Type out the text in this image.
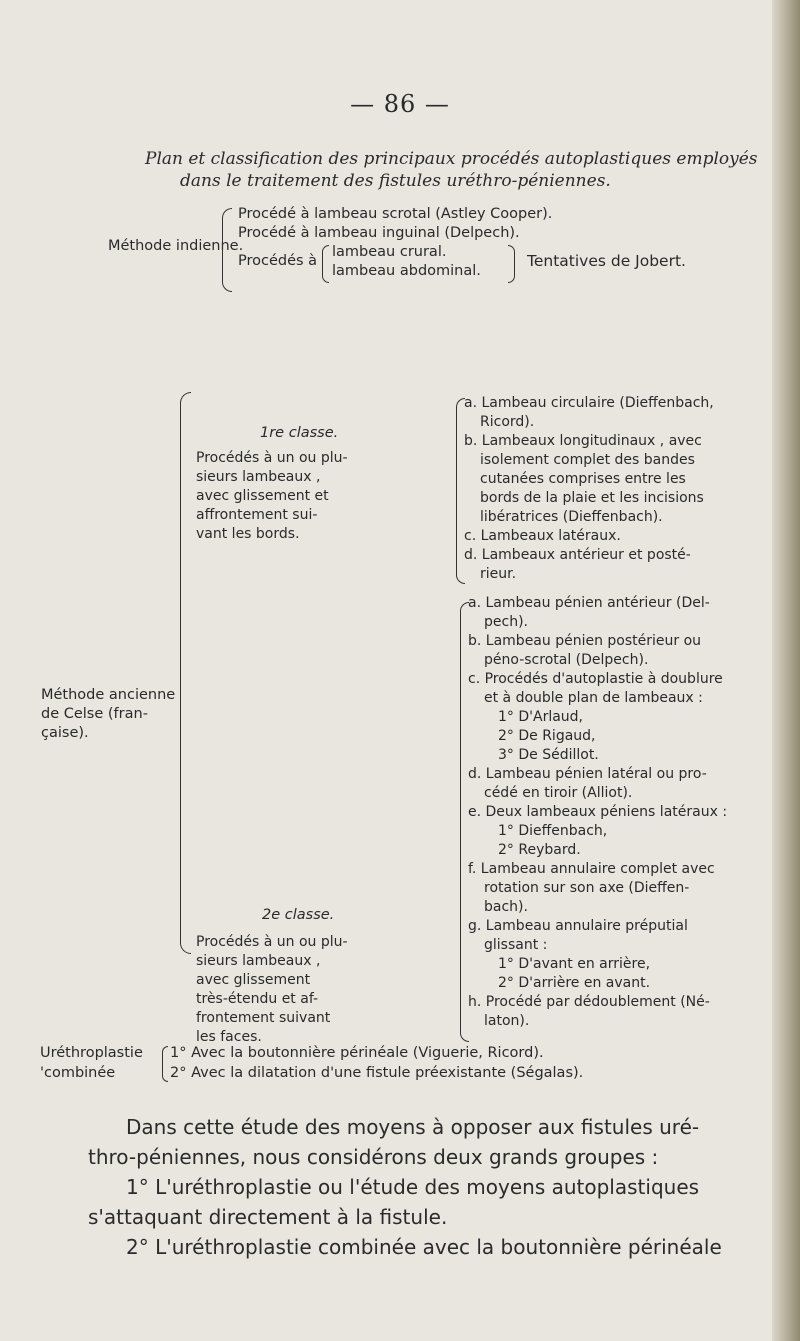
— 86 —
Plan et classification des principaux procédés autoplastiques employés
dans le traitement des fistules uréthro-péniennes.
Méthode indienne.
Procédé à lambeau scrotal (Astley Cooper).
Procédé à lambeau inguinal (Delpech).
Procédés à
lambeau crural.
lambeau abdominal.
Tentatives de Jobert.
Méthode ancienne
de Celse (fran-
çaise).
1re classe.
Procédés à un ou plu-
sieurs lambeaux ,
avec glissement et
affrontement sui-
vant les bords.
a. Lambeau circulaire (Dieffenbach,
Ricord).
b. Lambeaux longitudinaux , avec
isolement complet des bandes
cutanées comprises entre les
bords de la plaie et les incisions
libératrices (Dieffenbach).
c. Lambeaux latéraux.
d. Lambeaux antérieur et posté-
rieur.
2e classe.
Procédés à un ou plu-
sieurs lambeaux ,
avec glissement
très-étendu et af-
frontement suivant
les faces.
a. Lambeau pénien antérieur (Del-
pech).
b. Lambeau pénien postérieur ou
péno-scrotal (Delpech).
c. Procédés d'autoplastie à doublure
et à double plan de lambeaux :
1° D'Arlaud,
2° De Rigaud,
3° De Sédillot.
d. Lambeau pénien latéral ou pro-
cédé en tiroir (Alliot).
e. Deux lambeaux péniens latéraux :
1° Dieffenbach,
2° Reybard.
f. Lambeau annulaire complet avec
rotation sur son axe (Dieffen-
bach).
g. Lambeau annulaire préputial
glissant :
1° D'avant en arrière,
2° D'arrière en avant.
h. Procédé par dédoublement (Né-
laton).
Uréthroplastie
'combinée
1° Avec la boutonnière périnéale (Viguerie, Ricord).
2° Avec la dilatation d'une fistule préexistante (Ségalas).
Dans cette étude des moyens à opposer aux fistules uré-
thro-péniennes, nous considérons deux grands groupes :
1° L'uréthroplastie ou l'étude des moyens autoplastiques
s'attaquant directement à la fistule.
2° L'uréthroplastie combinée avec la boutonnière périnéale
